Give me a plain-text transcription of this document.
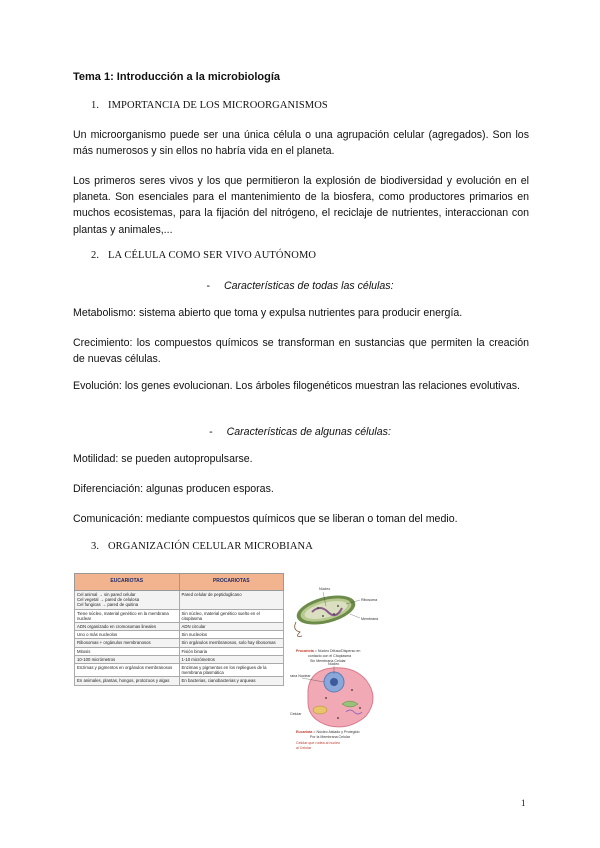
Tema 1: Introducción a la microbiología
1. IMPORTANCIA DE LOS MICROORGANISMOS
Un microorganismo puede ser una única célula o una agrupación celular (agregados). Son los más numerosos y sin ellos no habría vida en el planeta.
Los primeros seres vivos y los que permitieron la explosión de biodiversidad y evolución en el planeta. Son esenciales para el mantenimiento de la biosfera, como productores primarios en muchos ecosistemas, para la fijación del nitrógeno, el reciclaje de nutrientes, interaccionan con plantas y animales,...
2. LA CÉLULA COMO SER VIVO AUTÓNOMO
- Características de todas las células:
Metabolismo: sistema abierto que toma y expulsa nutrientes para producir energía.
Crecimiento: los compuestos químicos se transforman en sustancias que permiten la creación de nuevas células.
Evolución: los genes evolucionan. Los árboles filogenéticos muestran las relaciones evolutivas.
- Características de algunas células:
Motilidad: se pueden autopropulsarse.
Diferenciación: algunas producen esporas.
Comunicación: mediante compuestos químicos que se liberan o toman del medio.
3. ORGANIZACIÓN CELULAR MICROBIANA
EUCARIOTAS	PROCARIOTAS
Cel animal → sin pared celular
Cel vegetal → pared de celulosa
Cel fungicas → pared de quitina	Pared celular de peptidoglicano
Tiene núcleo, material genético en la membrana nuclear	Sin núcleo, material genético suelto en el citoplasma
ADN organizado en cromosomas lineales	ADN circular
Uno o más nucleolos	Sin nucleolos
Ribosomas + orgánulos membranosos	Sin orgánulos membranosos, solo hay ribosomas
Mitosis	Fisión binaria
10-100 micrómetros	1-10 micrómetros
Enzimas y pigmentos en orgánulos membranosos	Enzimas y pigmentos en los repliegues de la membrana plasmática
En animales, plantas, hongos, protozoos y algas	En bacterias, cianobacterias y arqueas
Núcleo
Ribosoma
Membrana
Procariota = Núcleo Difuso/Disperso en
contacto con el Citoplasma
Sin Membrana Celular
Núcleo
rana Nuclear
Celular
Eucariota = Núcleo Aislado y Protegido
Por la Membrana Celular
Celular que rodea al núcleo
al Celular
1
